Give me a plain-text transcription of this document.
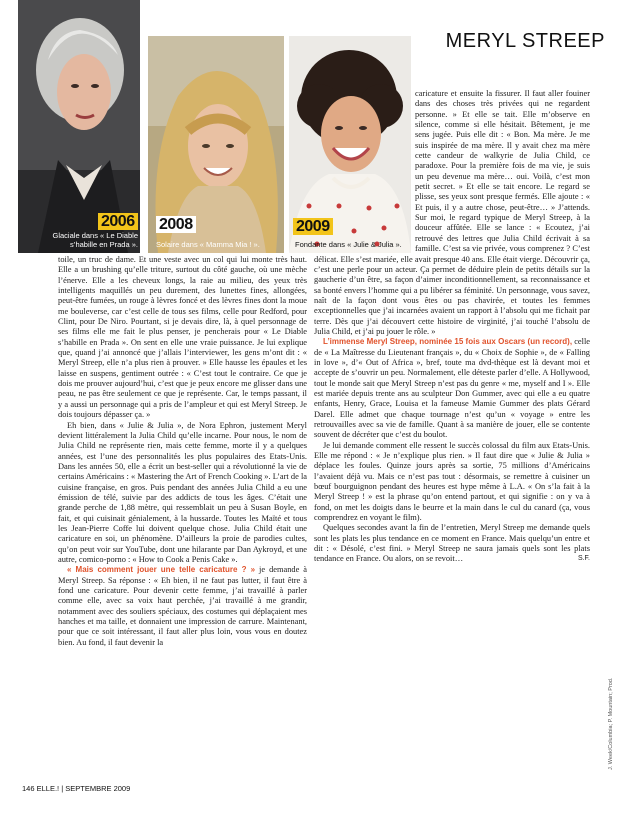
2006
Glaciale dans « Le Diable
s’habille en Prada ».
2008
Solaire dans « Mamma Mia ! ».
2009
Fondante dans « Julie & Julia ».
MERYL STREEP

toile, un truc de dame. Et une veste avec un col qui lui monte très haut. Elle a un brushing qu’elle triture, surtout du côté gauche, où une mèche l’énerve. Elle a les cheveux longs, la raie au milieu, des yeux très intelligents maquillés un peu durement, des lunettes fines, allongées, peut-être fumées, un rouge à lèvres foncé et des lèvres fines dont la moue me bouleverse, car c’est celle de tous ses films, celle pour Redford, pour Clint, pour De Niro. Pourtant, si je devais dire, là, à quel personnage de ses films elle me fait le plus penser, je pencherais pour « Le Diable s’habille en Prada ». On sent en elle une vraie puissance. Je lui explique que, quand j’ai annoncé que j’allais l’interviewer, les gens m’ont dit : « Meryl Streep, elle n’a plus rien à prouver. » Elle hausse les épaules et les laisse en suspens, gentiment outrée : « C’est tout le contraire. Ce que je dois me prouver aujourd’hui, c’est que je peux encore me glisser dans une peau, ne pas être seulement ce que je représente. Car, le temps passant, il y a aussi un personnage qui a pris de l’ampleur et qui est Meryl Streep. Je dois toujours dépasser ça. »

Eh bien, dans « Julie & Julia », de Nora Ephron, justement Meryl devient littéralement la Julia Child qu’elle incarne. Pour nous, le nom de Julia Child ne représente rien, mais cette femme, morte il y a quelques années, est l’une des personnalités les plus populaires des Etats-Unis. Dans les années 50, elle a écrit un best-seller qui a révolutionné la vie de certains Américains : « Mastering the Art of French Cooking ». L’art de la cuisine française, en gros. Puis pendant des années Julia Child a eu une émission de télé, suivie par des addicts de tous les âges. C’était une grande perche de 1,88 mètre, qui ressemblait un peu à Susan Boyle, en fait, et qui cuisinait génialement, à la hussarde. Toutes les Maïté et tous les Jean-Pierre Coffe lui doivent quelque chose. Julia Child était une caricature en soi, un phénomène. D’ailleurs la proie de parodies cultes, qu’on peut voir sur YouTube, dont une hilarante par Dan Aykroyd, et une autre, comico-porno : « How to Cook a Penis Cake ».

« Mais comment jouer une telle caricature ? » je demande à Meryl Streep. Sa réponse : « Eh bien, il ne faut pas lutter, il faut être à fond une caricature. Pour devenir cette femme, j’ai travaillé à parler comme elle, avec sa voix haut perchée, j’ai travaillé à me grandir, notamment avec des souliers spéciaux, des costumes qui déplaçaient mes hanches et ma taille, et donnaient une impression de carrure. Maintenant, pour que ce soit intéressant, il faut aller plus loin, vous vous en doutez bien. Au fond, il faut devenir la

caricature et ensuite la fissurer. Il faut aller fouiner dans des choses très privées qui ne regardent personne. » Et elle se tait. Elle m’observe en silence, comme si elle hésitait. Bêtement, je me sens jugée. Puis elle dit : « Bon. Ma mère. Je me suis inspirée de ma mère. Il y avait chez ma mère cette candeur de walkyrie de Julia Child, ce paradoxe. Pour la première fois de ma vie, je suis un peu devenue ma mère… oui. Voilà, c’est mon petit secret. » Et elle se tait encore. Le regard se plisse, ses yeux sont presque fermés. Elle ajoute : « Et puis, il y a autre chose, peut-être… » J’attends. Sur moi, le regard typique de Meryl Streep, à la douceur affûtée. Elle se lance : « Ecoutez, j’ai retrouvé des lettres que Julia Child écrivait à sa famille. C’est sa vie privée, vous comprenez ? C’est délicat. Elle s’est mariée, elle avait presque 40 ans. Elle était vierge. Découvrir ça, c’est une perle pour un acteur. Ça permet de déduire plein de petits détails sur la gaucherie d’un être, sa façon d’aimer inconditionnellement, sa reconnaissance et sa bonté envers l’homme qui a pu libérer sa féminité. Un personnage, vous savez, naît de la façon dont vous êtes ou pas chavirée, et toutes les femmes exceptionnelles que j’ai incarnées avaient un rapport à l’absolu qui me fichait par terre. Dès que j’ai découvert cette histoire de virginité, j’ai touché l’absolu de Julia Child, et j’ai pu jouer le rôle. »

L’immense Meryl Streep, nominée 15 fois aux Oscars (un record), celle de « La Maîtresse du Lieutenant français », du « Choix de Sophie », de « Falling in love », d’« Out of Africa », bref, toute ma dvd-thèque est là devant moi et accepte de s’ouvrir un peu. Normalement, elle déteste parler d’elle. A Hollywood, tout le monde sait que Meryl Streep n’est pas du genre « me, myself and I ». Elle est mariée depuis trente ans au sculpteur Don Gummer, avec qui elle a eu quatre enfants, Henry, Grace, Louisa et la fameuse Mamie Gummer des plats Gérard Darel. Elle admet que chaque tournage n’est qu’un « voyage » entre les retrouvailles avec sa vie de famille. Quant à sa manière de jouer, elle se contente souvent de décréter que c’est du boulot.

Je lui demande comment elle ressent le succès colossal du film aux Etats-Unis. Elle me répond : « Je n’explique plus rien. » Il faut dire que « Julie & Julia » déplace les foules. Quinze jours après sa sortie, 75 millions d’Américains l’avaient déjà vu. Mais ce n’est pas tout : désormais, se remettre à cuisiner un bœuf bourguignon pendant des heures est hype même à L.A. « On s’la fait à la Meryl Streep ! » est la phrase qu’on entend partout, et qui signifie : on y va à fond, on met les doigts dans le beurre et la main dans le cul du canard (ça, vous comprendrez en voyant le film).

Quelques secondes avant la fin de l’entretien, Meryl Streep me demande quels sont les plats les plus tendance en ce moment en France. Mais quelqu’un entre et dit : « Désolé, c’est fini. » Meryl Streep ne saura jamais quels sont les plats tendance en France. Ou alors, on se revoit…	S.F.

146 ELLE.! | SEPTEMBRE 2009
J. Week/Columbia; P. Mountain; Prod.
